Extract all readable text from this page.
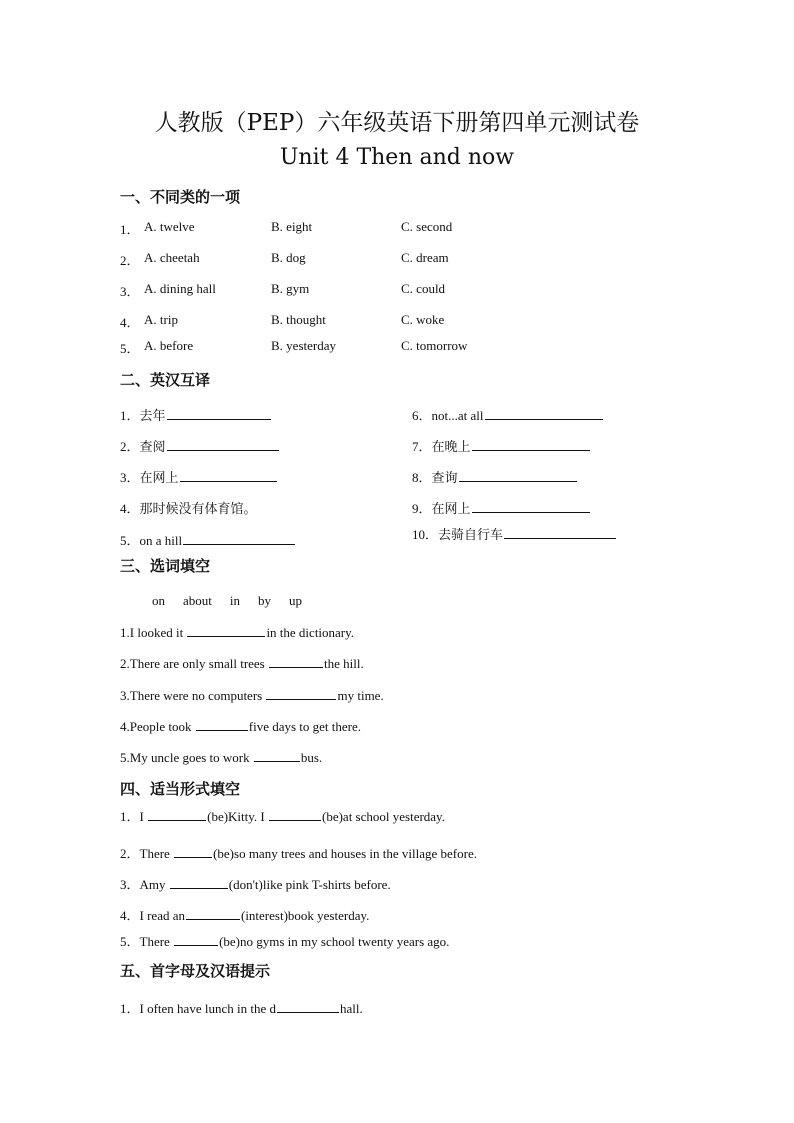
人教版（PEP）六年级英语下册第四单元测试卷
Unit 4 Then and now
一、不同类的一项
1． A. twelve	B. eight	C. second
2． A. cheetah	B. dog	C. dream
3． A. dining hall	B. gym	C. could
4． A. trip	B. thought	C. woke
5． A. before	B. yesterday	C. tomorrow
二、英汉互译
1．去年
2．查阅
3．在网上
4．那时候没有体育馆。
5．on a hill
6．not...at all
7．在晚上
8．查询
9．在网上
10．去骑自行车
三、选词填空
on about in by up
1.I looked it	in the dictionary.
2.There are only small trees	the hill.
3.There were no computers	my time.
4.People took	five days to get there.
5.My uncle goes to work	bus.
四、适当形式填空
1．I	(be)Kitty. I	(be)at school yesterday.
2．There	(be)so many trees and houses in the village before.
3．Amy	(don't)like pink T-shirts before.
4．I read an	(interest)book yesterday.
5．There	(be)no gyms in my school twenty years ago.
五、首字母及汉语提示
1．I often have lunch in the d	hall.
